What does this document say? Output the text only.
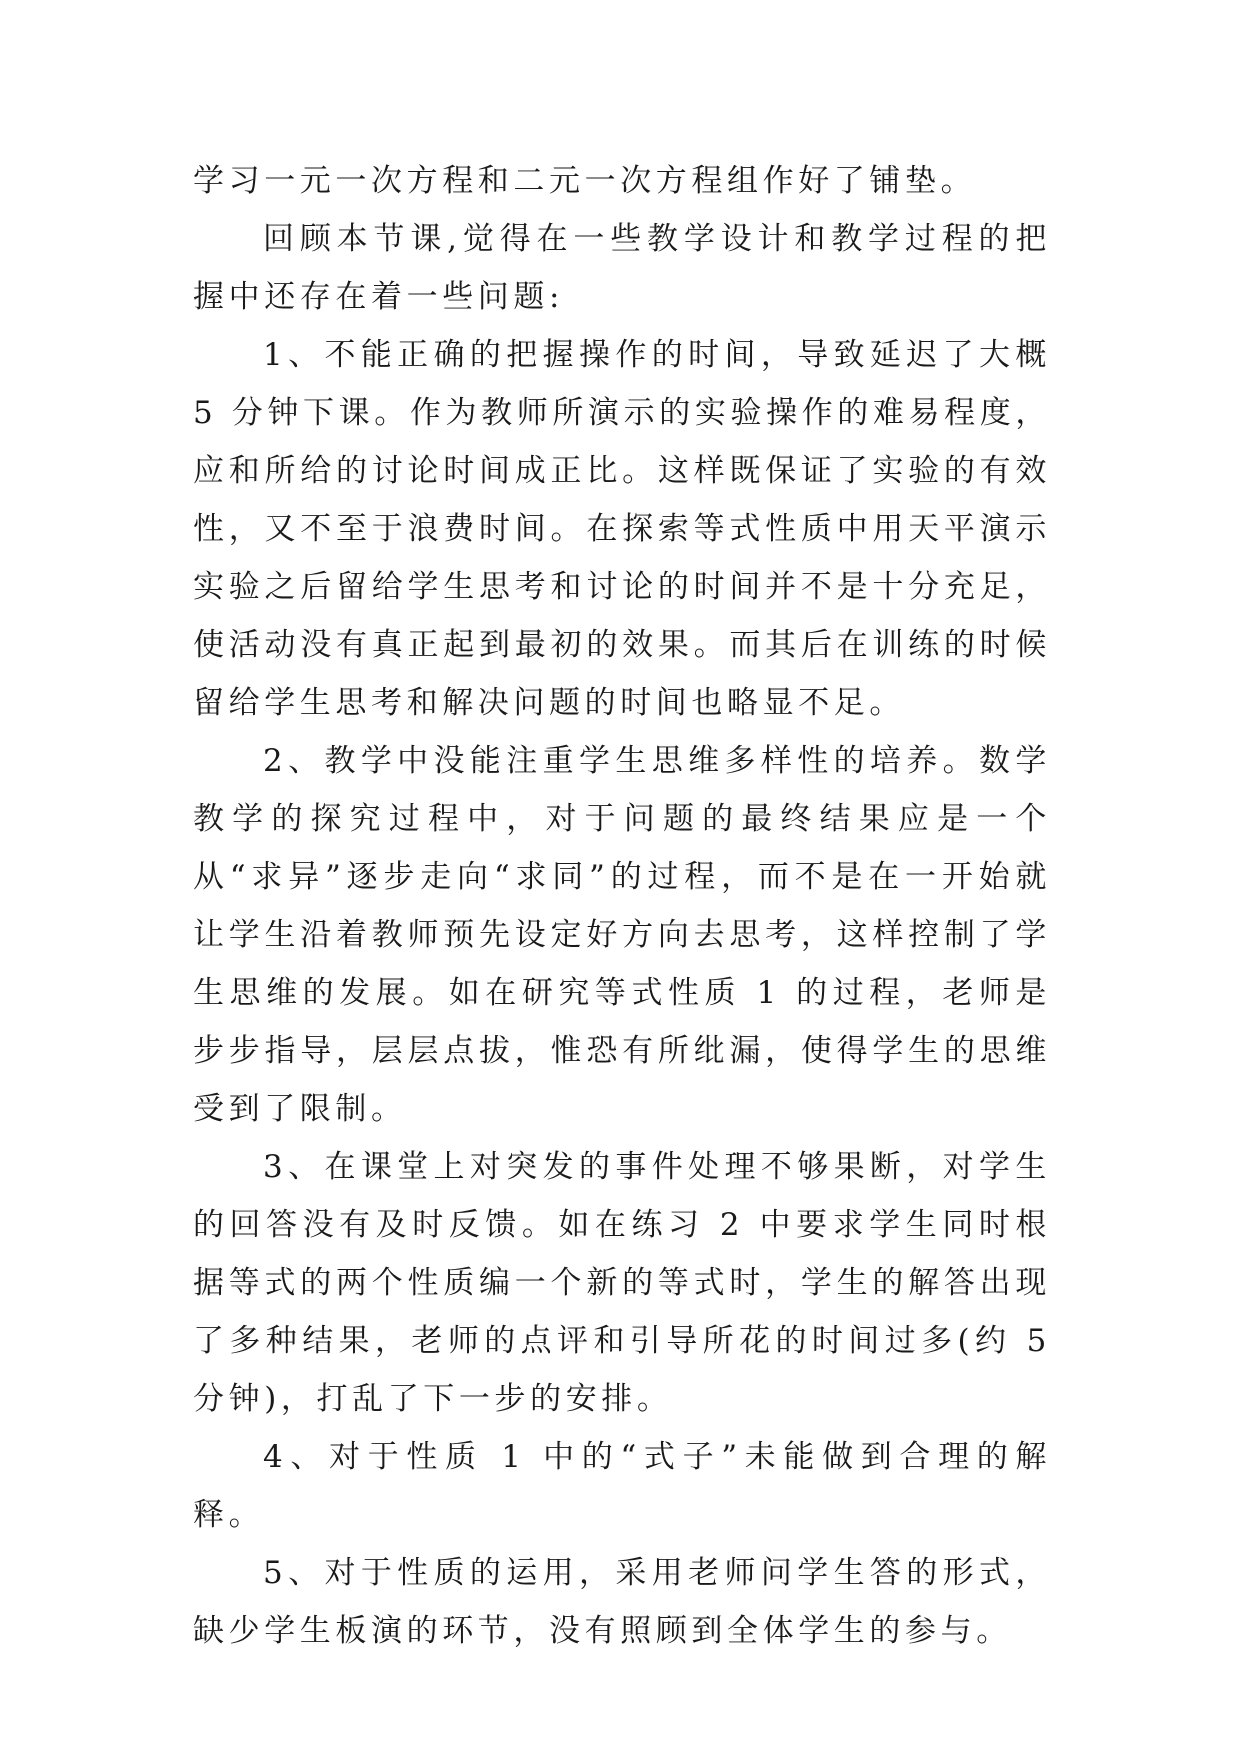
学习一元一次方程和二元一次方程组作好了铺垫。

回顾本节课,觉得在一些教学设计和教学过程的把握中还存在着一些问题:

1、不能正确的把握操作的时间，导致延迟了大概 5 分钟下课。作为教师所演示的实验操作的难易程度，应和所给的讨论时间成正比。这样既保证了实验的有效性，又不至于浪费时间。在探索等式性质中用天平演示实验之后留给学生思考和讨论的时间并不是十分充足，使活动没有真正起到最初的效果。而其后在训练的时候留给学生思考和解决问题的时间也略显不足。

2、教学中没能注重学生思维多样性的培养。数学教学的探究过程中，对于问题的最终结果应是一个从“求异”逐步走向“求同”的过程，而不是在一开始就让学生沿着教师预先设定好方向去思考，这样控制了学生思维的发展。如在研究等式性质 1 的过程，老师是步步指导，层层点拔，惟恐有所纰漏，使得学生的思维受到了限制。

3、在课堂上对突发的事件处理不够果断，对学生的回答没有及时反馈。如在练习 2 中要求学生同时根据等式的两个性质编一个新的等式时，学生的解答出现了多种结果，老师的点评和引导所花的时间过多(约 5 分钟)，打乱了下一步的安排。

4、对于性质 1 中的“式子”未能做到合理的解释。

5、对于性质的运用，采用老师问学生答的形式，缺少学生板演的环节，没有照顾到全体学生的参与。
